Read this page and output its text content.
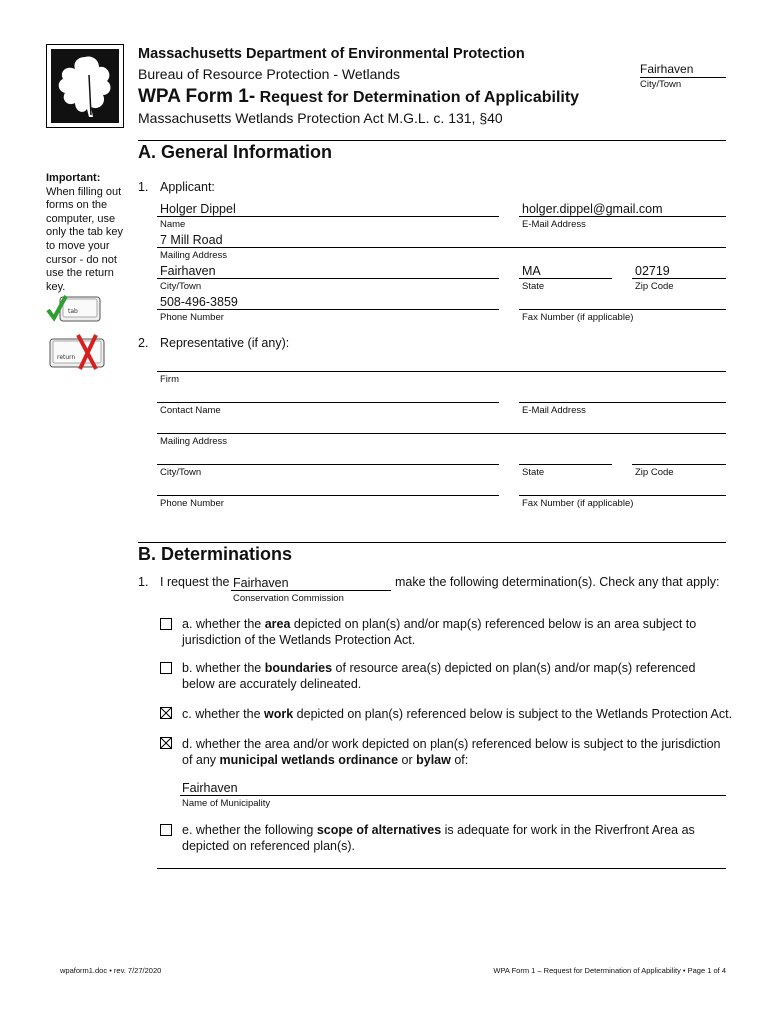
Massachusetts Department of Environmental Protection
Bureau of Resource Protection - Wetlands
WPA Form 1- Request for Determination of Applicability
Massachusetts Wetlands Protection Act M.G.L. c. 131, §40
Fairhaven
City/Town
A. General Information
Important:
When filling out forms on the computer, use only the tab key to move your cursor - do not use the return key.
tab
return
1. Applicant:
Holger Dippel
Name
holger.dippel@gmail.com
E-Mail Address
7 Mill Road
Mailing Address
Fairhaven
City/Town
MA
State
02719
Zip Code
508-496-3859
Phone Number	Fax Number (if applicable)
2. Representative (if any):
Firm
Contact Name	E-Mail Address
Mailing Address
City/Town	State	Zip Code
Phone Number	Fax Number (if applicable)
B. Determinations
1. I request the Fairhaven
Conservation Commission
make the following determination(s). Check any that apply:
a. whether the area depicted on plan(s) and/or map(s) referenced below is an area subject to
jurisdiction of the Wetlands Protection Act.
b. whether the boundaries of resource area(s) depicted on plan(s) and/or map(s) referenced
below are accurately delineated.
c. whether the work depicted on plan(s) referenced below is subject to the Wetlands Protection Act.
d. whether the area and/or work depicted on plan(s) referenced below is subject to the jurisdiction
of any municipal wetlands ordinance or bylaw of:
Fairhaven
Name of Municipality
e. whether the following scope of alternatives is adequate for work in the Riverfront Area as
depicted on referenced plan(s).
wpaform1.doc • rev. 7/27/2020	WPA Form 1 – Request for Determination of Applicability • Page 1 of 4
